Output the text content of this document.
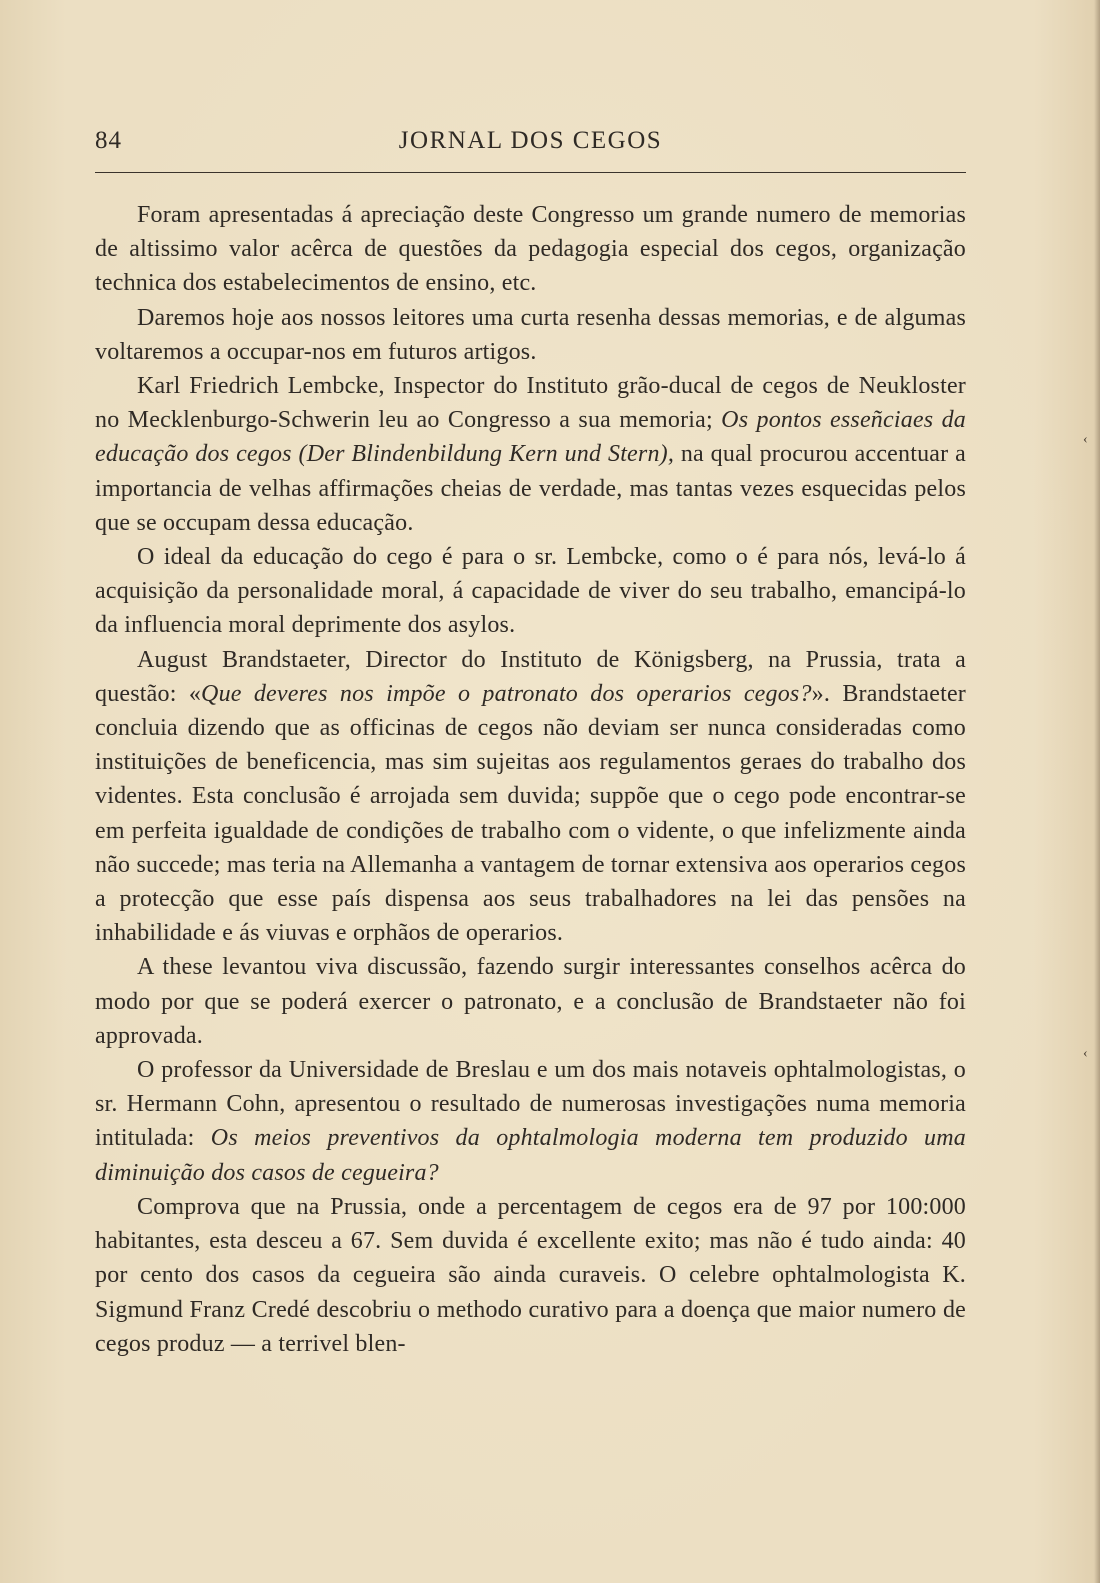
84	JORNAL DOS CEGOS

Foram apresentadas á apreciação deste Congresso um grande numero de memorias de altissimo valor acêrca de questões da pedagogia especial dos cegos, organização technica dos estabelecimentos de ensino, etc.

Daremos hoje aos nossos leitores uma curta resenha dessas memorias, e de algumas voltaremos a occupar-nos em futuros artigos.

Karl Friedrich Lembcke, Inspector do Instituto grão-ducal de cegos de Neukloster no Mecklenburgo-Schwerin leu ao Congresso a sua memoria; Os pontos esseñciaes da educação dos cegos (Der Blindenbildung Kern und Stern), na qual procurou accentuar a importancia de velhas affirmações cheias de verdade, mas tantas vezes esquecidas pelos que se occupam dessa educação.

O ideal da educação do cego é para o sr. Lembcke, como o é para nós, levá-lo á acquisição da personalidade moral, á capacidade de viver do seu trabalho, emancipá-lo da influencia moral deprimente dos asylos.

August Brandstaeter, Director do Instituto de Königsberg, na Prussia, trata a questão: «Que deveres nos impõe o patronato dos operarios cegos?». Brandstaeter concluia dizendo que as officinas de cegos não deviam ser nunca consideradas como instituições de beneficencia, mas sim sujeitas aos regulamentos geraes do trabalho dos videntes. Esta conclusão é arrojada sem duvida; suppõe que o cego pode encontrar-se em perfeita igualdade de condições de trabalho com o vidente, o que infelizmente ainda não succede; mas teria na Allemanha a vantagem de tornar extensiva aos operarios cegos a protecção que esse país dispensa aos seus trabalhadores na lei das pensões na inhabilidade e ás viuvas e orphãos de operarios.

A these levantou viva discussão, fazendo surgir interessantes conselhos acêrca do modo por que se poderá exercer o patronato, e a conclusão de Brandstaeter não foi approvada.

O professor da Universidade de Breslau e um dos mais notaveis ophtalmologistas, o sr. Hermann Cohn, apresentou o resultado de numerosas investigações numa memoria intitulada: Os meios preventivos da ophtalmologia moderna tem produzido uma diminuição dos casos de cegueira?

Comprova que na Prussia, onde a percentagem de cegos era de 97 por 100:000 habitantes, esta desceu a 67. Sem duvida é excellente exito; mas não é tudo ainda: 40 por cento dos casos da cegueira são ainda curaveis. O celebre ophtalmologista K. Sigmund Franz Credé descobriu o methodo curativo para a doença que maior numero de cegos produz — a terrivel blen-

‹
‹
